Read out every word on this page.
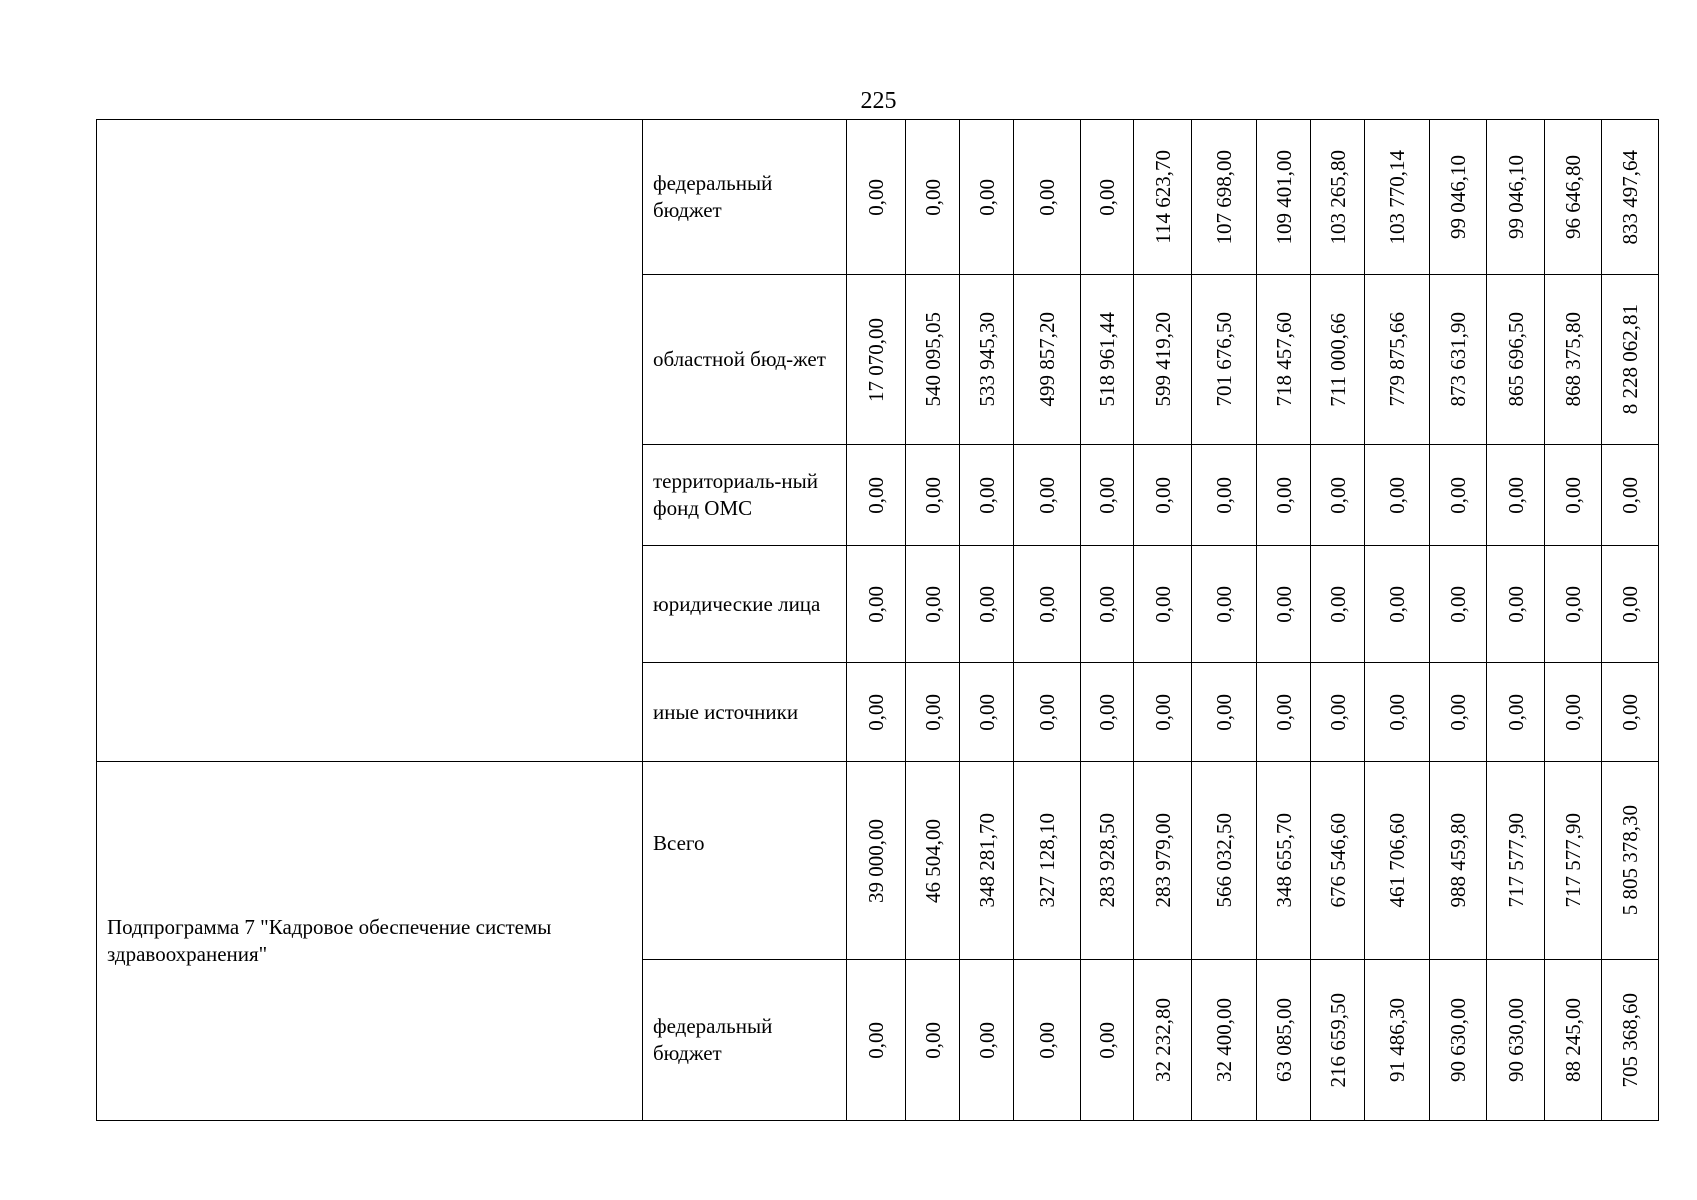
225
	федеральный бюджет	0,00	0,00	0,00	0,00	0,00	114 623,70	107 698,00	109 401,00	103 265,80	103 770,14	99 046,10	99 046,10	96 646,80	833 497,64

	областной бюд-жет	17 070,00	540 095,05	533 945,30	499 857,20	518 961,44	599 419,20	701 676,50	718 457,60	711 000,66	779 875,66	873 631,90	865 696,50	868 375,80	8 228 062,81

	территориаль-ный фонд ОМС	0,00	0,00	0,00	0,00	0,00	0,00	0,00	0,00	0,00	0,00	0,00	0,00	0,00	0,00

	юридические лица	0,00	0,00	0,00	0,00	0,00	0,00	0,00	0,00	0,00	0,00	0,00	0,00	0,00	0,00

	иные источники	0,00	0,00	0,00	0,00	0,00	0,00	0,00	0,00	0,00	0,00	0,00	0,00	0,00	0,00

Подпрограмма 7 "Кадровое обеспечение системы здравоохранения"	Всего	39 000,00	46 504,00	348 281,70	327 128,10	283 928,50	283 979,00	566 032,50	348 655,70	676 546,60	461 706,60	988 459,80	717 577,90	717 577,90	5 805 378,30

	федеральный бюджет	0,00	0,00	0,00	0,00	0,00	32 232,80	32 400,00	63 085,00	216 659,50	91 486,30	90 630,00	90 630,00	88 245,00	705 368,60
